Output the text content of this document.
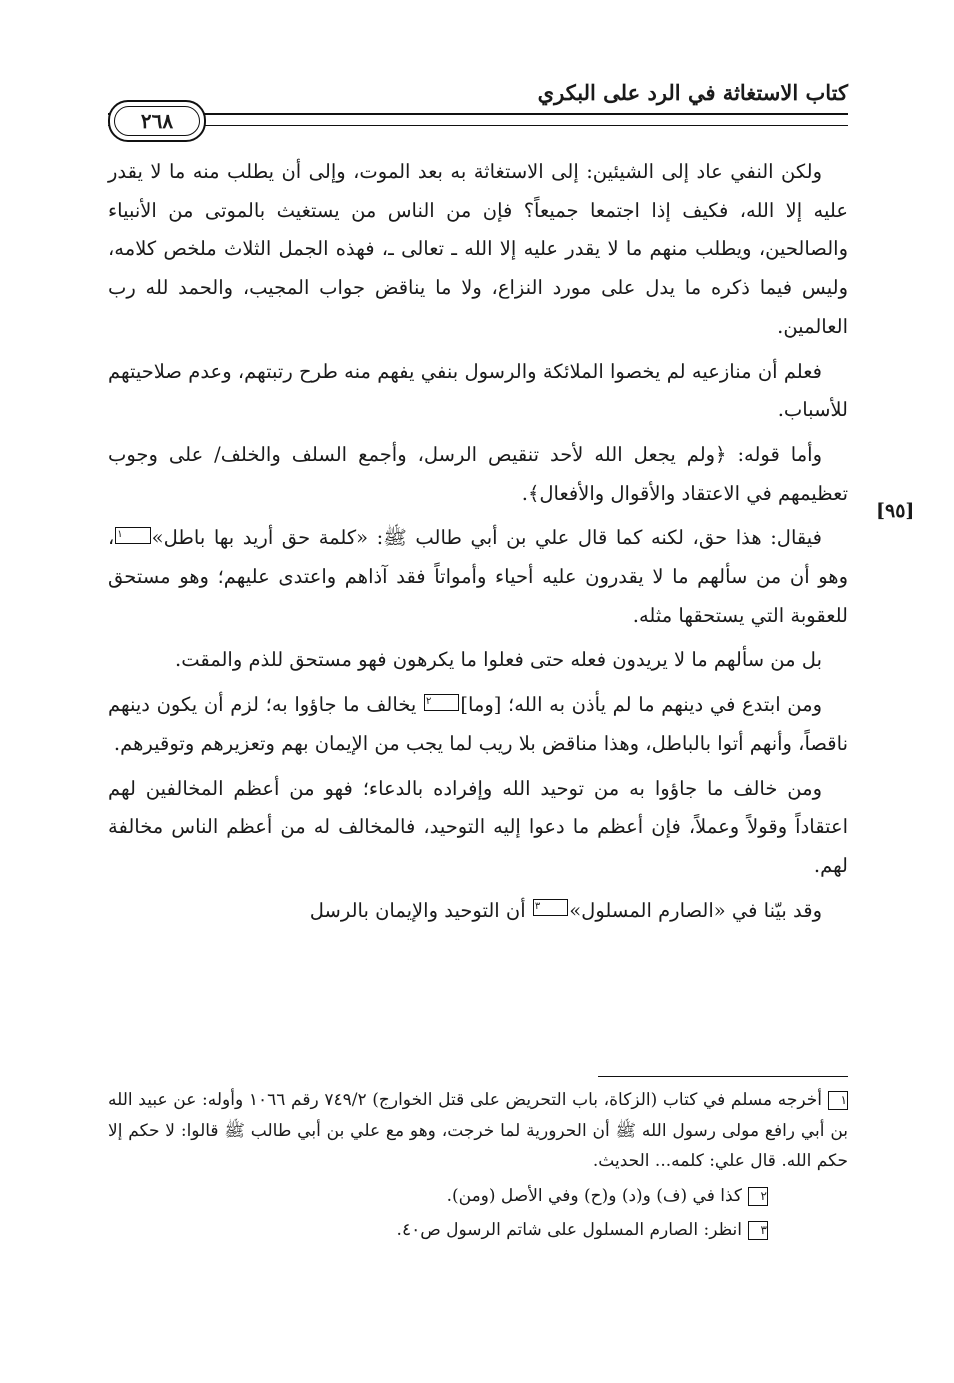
كتاب الاستغاثة في الرد على البكري
٢٦٨
[٩٥]

ولكن النفي عاد إلى الشيئين: إلى الاستغاثة به بعد الموت، وإلى أن يطلب منه ما لا يقدر عليه إلا الله، فكيف إذا اجتمعا جميعاً؟ فإن من الناس من يستغيث بالموتى من الأنبياء والصالحين، ويطلب منهم ما لا يقدر عليه إلا الله ـ تعالى ـ، فهذه الجمل الثلاث ملخص كلامه، وليس فيما ذكره ما يدل على مورد النزاع، ولا ما يناقض جواب المجيب، والحمد لله رب العالمين.

فعلم أن منازعيه لم يخصوا الملائكة والرسول بنفي يفهم منه طرح رتبتهم، وعدم صلاحيتهم للأسباب.

وأما قوله: ﴿ولم يجعل الله لأحد تنقيص الرسل، وأجمع السلف والخلف/ على وجوب تعظيمهم في الاعتقاد والأقوال والأفعال﴾.

فيقال: هذا حق، لكنه كما قال علي بن أبي طالب ﷺ: «كلمة حق أريد بها باطل»١، وهو أن من سألهم ما لا يقدرون عليه أحياء وأمواتاً فقد آذاهم واعتدى عليهم؛ وهو مستحق للعقوبة التي يستحقها مثله.

بل من سألهم ما لا يريدون فعله حتى فعلوا ما يكرهون فهو مستحق للذم والمقت.

ومن ابتدع في دينهم ما لم يأذن به الله؛ [وما]٢ يخالف ما جاؤوا به؛ لزم أن يكون دينهم ناقصاً، وأنهم أتوا بالباطل، وهذا مناقض بلا ريب لما يجب من الإيمان بهم وتعزيرهم وتوقيرهم.

ومن خالف ما جاؤوا به من توحيد الله وإفراده بالدعاء؛ فهو من أعظم المخالفين لهم اعتقاداً وقولاً وعملاً، فإن أعظم ما دعوا إليه التوحيد، فالمخالف له من أعظم الناس مخالفة لهم.

وقد بيّنا في «الصارم المسلول»٣ أن التوحيد والإيمان بالرسل

١أخرجه مسلم في كتاب (الزكاة، باب التحريض على قتل الخوارج) ٧٤٩/٢ رقم ١٠٦٦ وأوله: عن عبيد الله بن أبي رافع مولى رسول الله ﷺ أن الحرورية لما خرجت، وهو مع علي بن أبي طالب ﷺ قالوا: لا حكم إلا حكم الله. قال علي: كلمه... الحديث.

٢كذا في (ف) و(د) و(ح) وفي الأصل (ومن).

٣انظر: الصارم المسلول على شاتم الرسول ص٤٠.
